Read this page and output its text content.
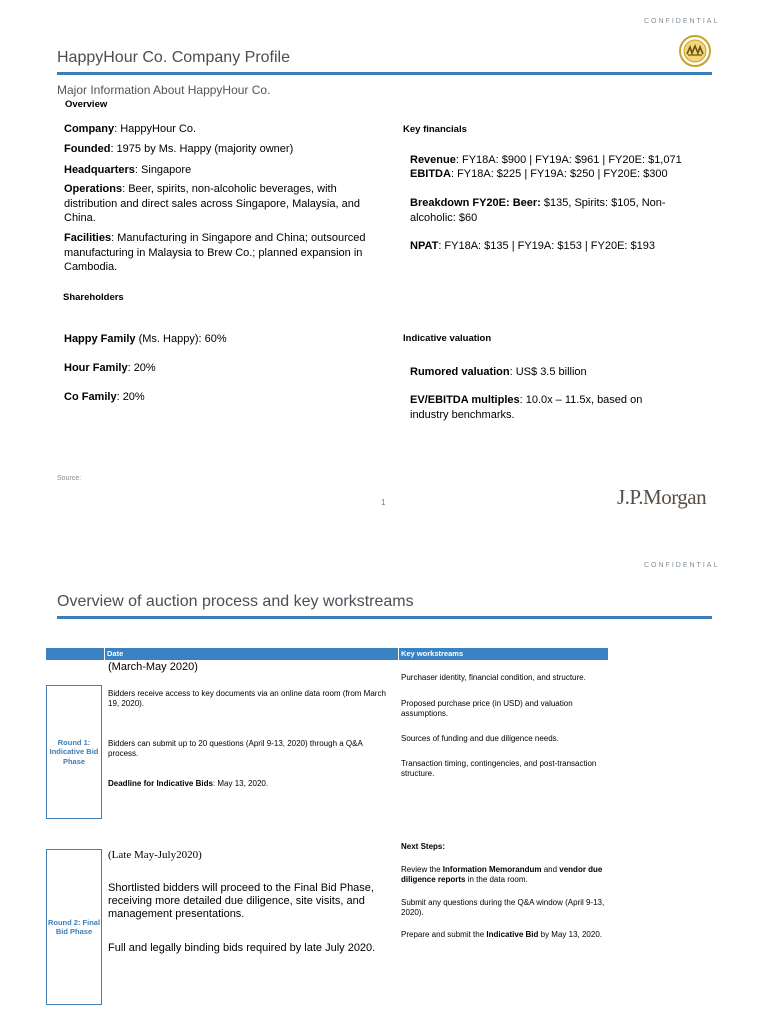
CONFIDENTIAL
HappyHour Co. Company Profile
Major Information About HappyHour Co.
Overview
Company: HappyHour Co.
Founded: 1975 by Ms. Happy (majority owner)
Headquarters: Singapore
Operations: Beer, spirits, non-alcoholic beverages, with distribution and direct sales across Singapore, Malaysia, and China.
Facilities: Manufacturing in Singapore and China; outsourced manufacturing in Malaysia to Brew Co.; planned expansion in Cambodia.
Key financials
Revenue: FY18A: $900 | FY19A: $961 | FY20E: $1,071
EBITDA: FY18A: $225 | FY19A: $250 | FY20E: $300
Breakdown FY20E: Beer: $135, Spirits: $105, Non-alcoholic: $60
NPAT: FY18A: $135 | FY19A: $153 | FY20E: $193
Shareholders
Happy Family (Ms. Happy): 60%
Hour Family: 20%
Co Family: 20%
Indicative valuation
Rumored valuation: US$ 3.5 billion
EV/EBITDA multiples: 10.0x – 11.5x, based on industry benchmarks.
Source:
1	J.P.Morgan
CONFIDENTIAL
Overview of auction process and key workstreams
Date	Key workstreams
Round 1: Indicative Bid Phase
(March-May 2020)
Bidders receive access to key documents via an online data room (from March 19, 2020).
Bidders can submit up to 20 questions (April 9-13, 2020) through a Q&A process.
Deadline for Indicative Bids: May 13, 2020.
Purchaser identity, financial condition, and structure.
Proposed purchase price (in USD) and valuation assumptions.
Sources of funding and due diligence needs.
Transaction timing, contingencies, and post-transaction structure.
Round 2: Final Bid Phase
(Late May-July2020)
Shortlisted bidders will proceed to the Final Bid Phase, receiving more detailed due diligence, site visits, and management presentations.
Full and legally binding bids required by late July 2020.
Next Steps:
Review the Information Memorandum and vendor due diligence reports in the data room.
Submit any questions during the Q&A window (April 9-13, 2020).
Prepare and submit the Indicative Bid by May 13, 2020.
